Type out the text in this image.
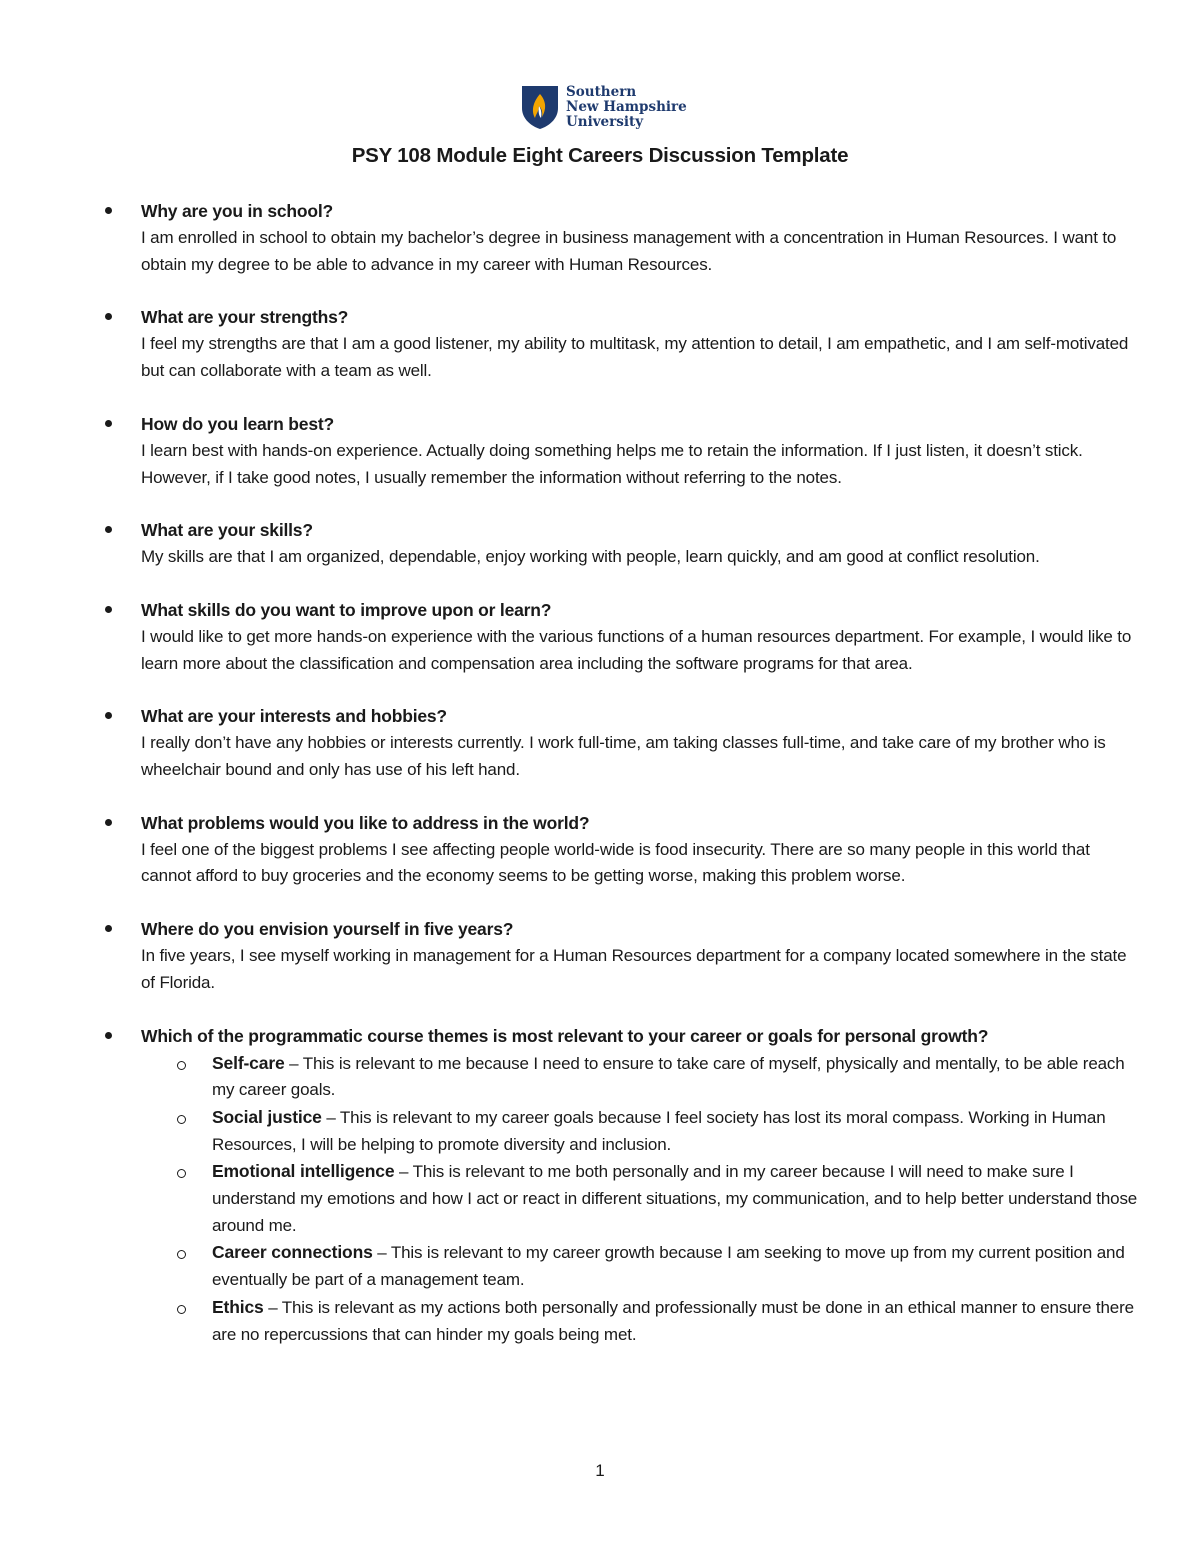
Southern
New Hampshire
University
PSY 108 Module Eight Careers Discussion Template
Why are you in school?
I am enrolled in school to obtain my bachelor’s degree in business management with a concentration in Human Resources. I want to obtain my degree to be able to advance in my career with Human Resources.
What are your strengths?
I feel my strengths are that I am a good listener, my ability to multitask, my attention to detail, I am empathetic, and I am self-motivated but can collaborate with a team as well.
How do you learn best?
I learn best with hands-on experience. Actually doing something helps me to retain the information. If I just listen, it doesn’t stick. However, if I take good notes, I usually remember the information without referring to the notes.
What are your skills?
My skills are that I am organized, dependable, enjoy working with people, learn quickly, and am good at conflict resolution.
What skills do you want to improve upon or learn?
I would like to get more hands-on experience with the various functions of a human resources department. For example, I would like to learn more about the classification and compensation area including the software programs for that area.
What are your interests and hobbies?
I really don’t have any hobbies or interests currently. I work full-time, am taking classes full-time, and take care of my brother who is wheelchair bound and only has use of his left hand.
What problems would you like to address in the world?
I feel one of the biggest problems I see affecting people world-wide is food insecurity. There are so many people in this world that cannot afford to buy groceries and the economy seems to be getting worse, making this problem worse.
Where do you envision yourself in five years?
In five years, I see myself working in management for a Human Resources department for a company located somewhere in the state of Florida.
Which of the programmatic course themes is most relevant to your career or goals for personal growth?
Self-care – This is relevant to me because I need to ensure to take care of myself, physically and mentally, to be able reach my career goals.
Social justice – This is relevant to my career goals because I feel society has lost its moral compass. Working in Human Resources, I will be helping to promote diversity and inclusion.
Emotional intelligence – This is relevant to me both personally and in my career because I will need to make sure I understand my emotions and how I act or react in different situations, my communication, and to help better understand those around me.
Career connections – This is relevant to my career growth because I am seeking to move up from my current position and eventually be part of a management team.
Ethics – This is relevant as my actions both personally and professionally must be done in an ethical manner to ensure there are no repercussions that can hinder my goals being met.
1
